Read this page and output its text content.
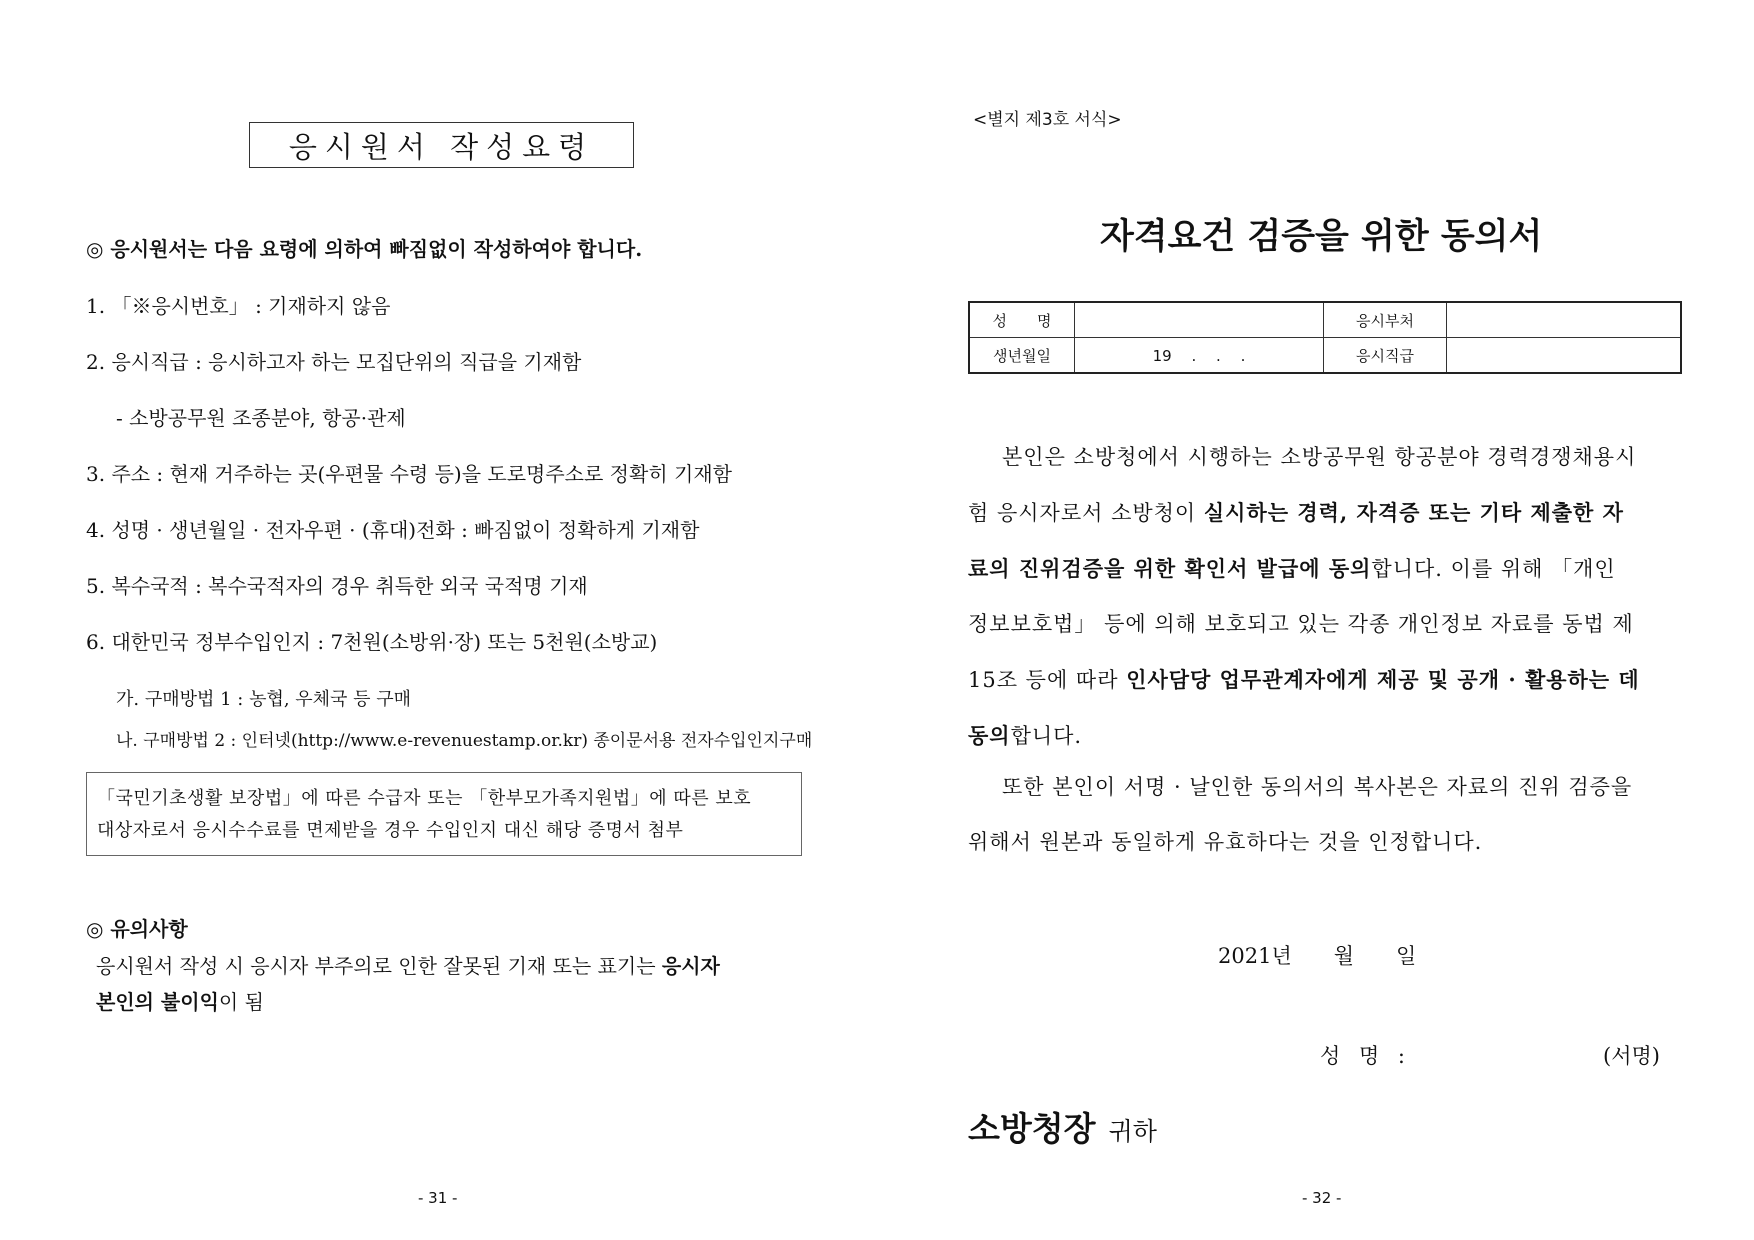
응시원서 작성요령
◎ 응시원서는 다음 요령에 의하여 빠짐없이 작성하여야 합니다.
1. 「※응시번호」 : 기재하지 않음
2. 응시직급 : 응시하고자 하는 모집단위의 직급을 기재함
- 소방공무원 조종분야, 항공·관제
3. 주소 : 현재 거주하는 곳(우편물 수령 등)을 도로명주소로 정확히 기재함
4. 성명 · 생년월일 · 전자우편 · (휴대)전화 : 빠짐없이 정확하게 기재함
5. 복수국적 : 복수국적자의 경우 취득한 외국 국적명 기재
6. 대한민국 정부수입인지 : 7천원(소방위·장) 또는 5천원(소방교)
가. 구매방법 1 : 농협, 우체국 등 구매
나. 구매방법 2 : 인터넷(http://www.e-revenuestamp.or.kr) 종이문서용 전자수입인지구매
「국민기초생활 보장법」에 따른 수급자 또는 「한부모가족지원법」에 따른 보호
대상자로서 응시수수료를 면제받을 경우 수입인지 대신 해당 증명서 첨부
◎ 유의사항
응시원서 작성 시 응시자 부주의로 인한 잘못된 기재 또는 표기는 응시자
본인의 불이익이 됨
- 31 -
<별지 제3호 서식>
자격요건 검증을 위한 동의서
성　　명		응시부처	
생년월일	19　 .　 .　 .	응시직급	
본인은 소방청에서 시행하는 소방공무원 항공분야 경력경쟁채용시
험 응시자로서 소방청이 실시하는 경력, 자격증 또는 기타 제출한 자
료의 진위검증을 위한 확인서 발급에 동의합니다. 이를 위해 「개인
정보보호법」 등에 의해 보호되고 있는 각종 개인정보 자료를 동법 제
15조 등에 따라 인사담당 업무관계자에게 제공 및 공개 · 활용하는 데
동의합니다.
또한 본인이 서명 · 날인한 동의서의 복사본은 자료의 진위 검증을
위해서 원본과 동일하게 유효하다는 것을 인정합니다.
2021년　　월　　일
성 명 :	(서명)
소방청장 귀하
- 32 -
